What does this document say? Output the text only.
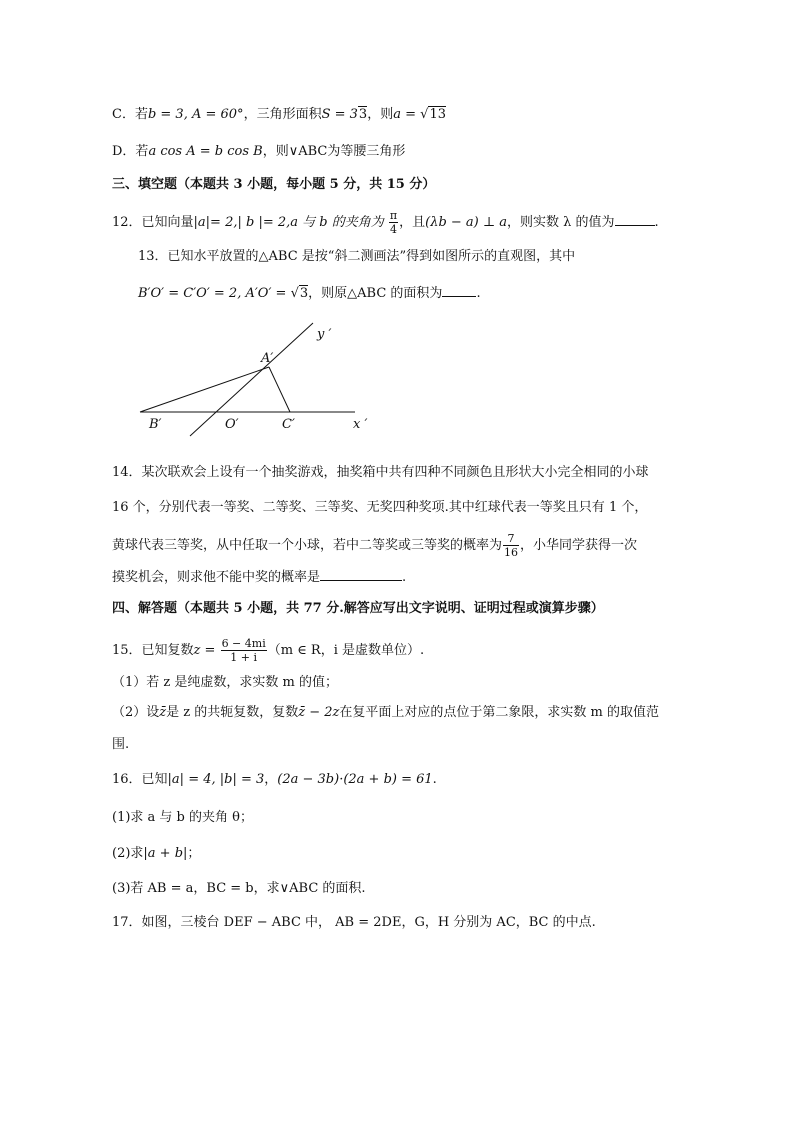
C．若b = 3, A = 60°，三角形面积S = 33，则a = √13
D．若a cos A = b cos B，则∨ABC为等腰三角形
三、填空题（本题共 3 小题，每小题 5 分，共 15 分）
12．已知向量|a|= 2,| b |= 2,a 与 b 的夹角为 $\frac{\pi}{4}$ ，且(λb − a) ⊥ a，则实数 λ 的值为	.
13．已知水平放置的△ABC 是按“斜二测画法”得到如图所示的直观图，其中
B′O′ = C′O′ = 2, A′O′ = √3，则原△ABC 的面积为	.
y ′
A′
B′	O′	C′	x ′
14．某次联欢会上设有一个抽奖游戏，抽奖箱中共有四种不同颜色且形状大小完全相同的小球
16 个，分别代表一等奖、二等奖、三等奖、无奖四种奖项.其中红球代表一等奖且只有 1 个，
黄球代表三等奖，从中任取一个小球，若中二等奖或三等奖的概率为 $\frac{7}{16}$ ，小华同学获得一次
摸奖机会，则求他不能中奖的概率是	.
四、解答题（本题共 5 小题，共 77 分.解答应写出文字说明、证明过程或演算步骤）
15．已知复数$z = \frac{6 - 4mi}{1 + i} (m$ ∈ R，i 是虚数单位）.
（1）若 z 是纯虚数，求实数 m 的值；
（2）设z̄是 z 的共轭复数，复数z̄ − 2z在复平面上对应的点位于第二象限，求实数 m 的取值范
围.
16．已知|a| = 4, |b| = 3，(2a − 3b)·(2a + b) = 61.
(1)求 a 与 b 的夹角 θ；
(2)求|a + b|；
(3)若 AB = a，BC = b，求∨ABC 的面积.
17．如图，三棱台 DEF − ABC 中， AB = 2DE，G，H 分别为 AC，BC 的中点.
